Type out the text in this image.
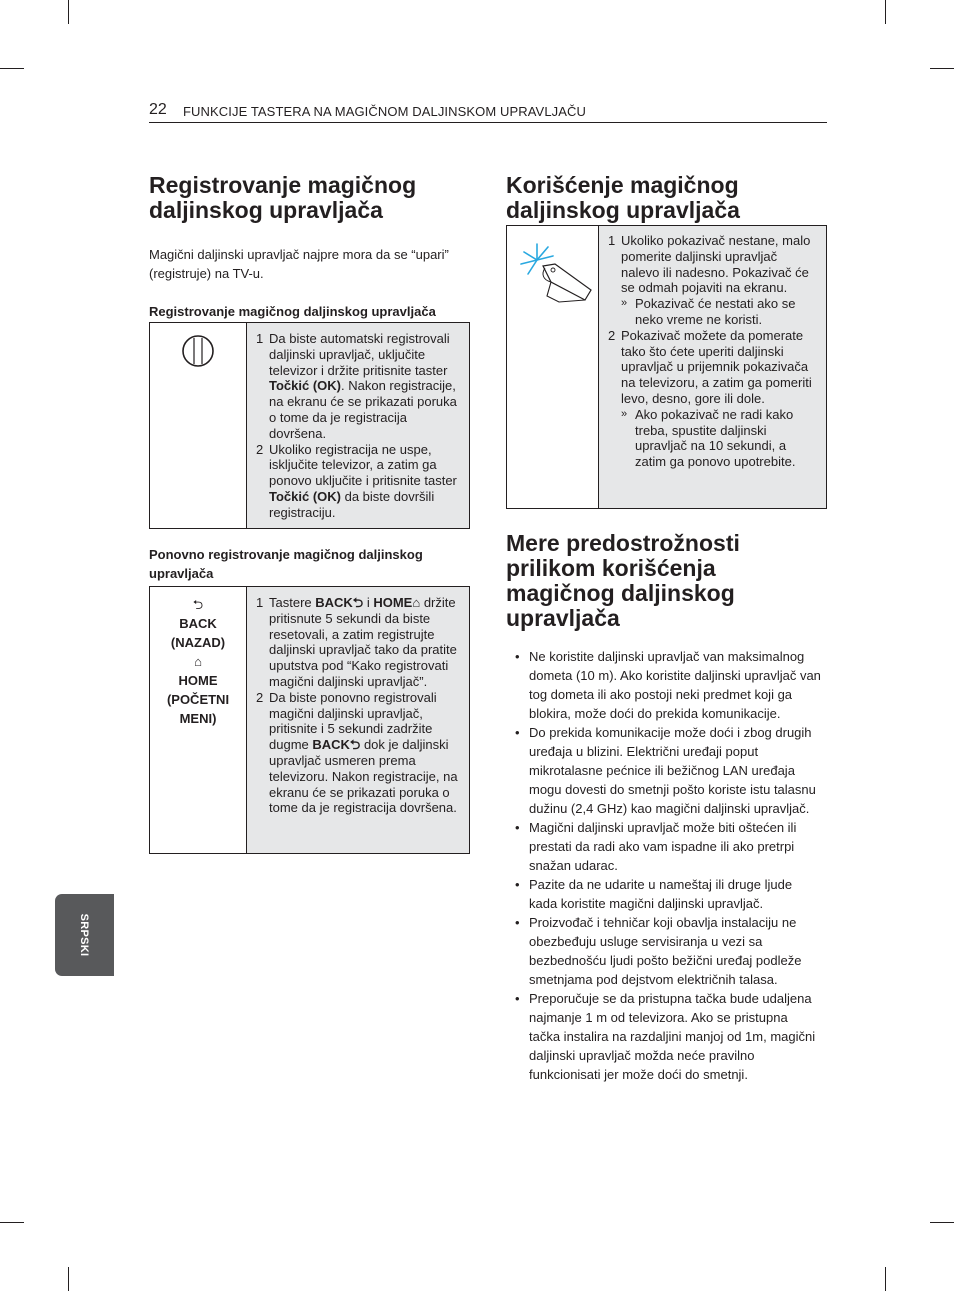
22 FUNKCIJE TASTERA NA MAGIČNOM DALJINSKOM UPRAVLJAČU
SRPSKI
Registrovanje magičnog daljinskog upravljača

Magični daljinski upravljač najpre mora da se “upari” (registruje) na TV-u.

Registrovanje magičnog daljinskog upravljača

1 Da biste automatski registrovali daljinski upravljač, uključite televizor i držite pritisnite taster Točkić (OK). Nakon registracije, na ekranu će se prikazati poruka o tome da je registracija dovršena.
2 Ukoliko registracija ne uspe, isključite televizor, a zatim ga ponovo uključite i pritisnite taster Točkić (OK) da biste dovršili registraciju.

Ponovno registrovanje magičnog daljinskog upravljača

⮌
BACK
(NAZAD)
⌂
HOME
(POČETNI
MENI)

1 Tastere BACK⮌ i HOME⌂ držite pritisnute 5 sekundi da biste resetovali, a zatim registrujte daljinski upravljač tako da pratite uputstva pod “Kako registrovati magični daljinski upravljač”.
2 Da biste ponovno registrovali magični daljinski upravljač, pritisnite i 5 sekundi zadržite dugme BACK⮌ dok je daljinski upravljač usmeren prema televizoru. Nakon registracije, na ekranu će se prikazati poruka o tome da je registracija dovršena.
Korišćenje magičnog daljinskog upravljača

1 Ukoliko pokazivač nestane, malo pomerite daljinski upravljač nalevo ili nadesno. Pokazivač će se odmah pojaviti na ekranu.
» Pokazivač će nestati ako se neko vreme ne koristi.
2 Pokazivač možete da pomerate tako što ćete uperiti daljinski upravljač u prijemnik pokazivača na televizoru, a zatim ga pomeriti levo, desno, gore ili dole.
» Ako pokazivač ne radi kako treba, spustite daljinski upravljač na 10 sekundi, a zatim ga ponovo upotrebite.
Mere predostrožnosti prilikom korišćenja magičnog daljinskog upravljača
• Ne koristite daljinski upravljač van maksimalnog dometa (10 m). Ako koristite daljinski upravljač van tog dometa ili ako postoji neki predmet koji ga blokira, može doći do prekida komunikacije.
• Do prekida komunikacije može doći i zbog drugih uređaja u blizini. Električni uređaji poput mikrotalasne pećnice ili bežičnog LAN uređaja mogu dovesti do smetnji pošto koriste istu talasnu dužinu (2,4 GHz) kao magični daljinski upravljač.
• Magični daljinski upravljač može biti oštećen ili prestati da radi ako vam ispadne ili ako pretrpi snažan udarac.
• Pazite da ne udarite u nameštaj ili druge ljude kada koristite magični daljinski upravljač.
• Proizvođač i tehničar koji obavlja instalaciju ne obezbeđuju usluge servisiranja u vezi sa bezbednošću ljudi pošto bežični uređaj podleže smetnjama pod dejstvom električnih talasa.
• Preporučuje se da pristupna tačka bude udaljena najmanje 1 m od televizora. Ako se pristupna tačka instalira na razdaljini manjoj od 1m, magični daljinski upravljač možda neće pravilno funkcionisati jer može doći do smetnji.
